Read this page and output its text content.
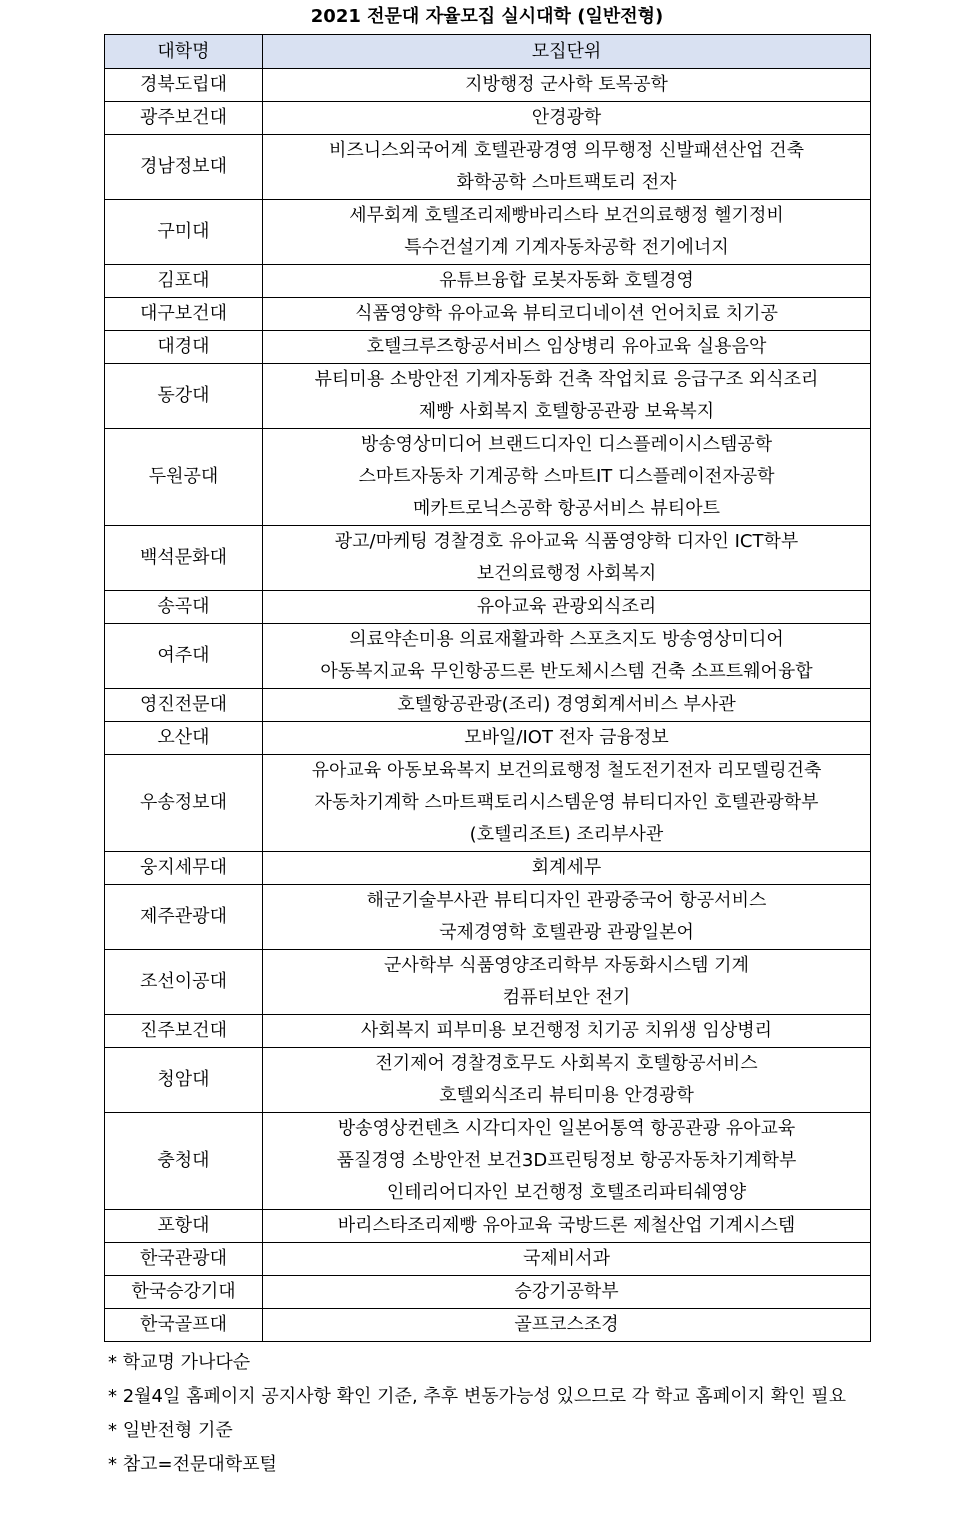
2021 전문대 자율모집 실시대학 (일반전형)
대학명	모집단위
경북도립대	지방행정 군사학 토목공학

광주보건대	안경광학

경남정보대	비즈니스외국어계 호텔관광경영 의무행정 신발패션산업 건축
화학공학 스마트팩토리 전자

구미대	세무회계 호텔조리제빵바리스타 보건의료행정 헬기정비
특수건설기계 기계자동차공학 전기에너지

김포대	유튜브융합 로봇자동화 호텔경영

대구보건대	식품영양학 유아교육 뷰티코디네이션 언어치료 치기공

대경대	호텔크루즈항공서비스 임상병리 유아교육 실용음악

동강대	뷰티미용 소방안전 기계자동화 건축 작업치료 응급구조 외식조리
제빵 사회복지 호텔항공관광 보육복지

두원공대	방송영상미디어 브랜드디자인 디스플레이시스템공학
스마트자동차 기계공학 스마트IT 디스플레이전자공학
메카트로닉스공학 항공서비스 뷰티아트

백석문화대	광고/마케팅 경찰경호 유아교육 식품영양학 디자인 ICT학부
보건의료행정 사회복지

송곡대	유아교육 관광외식조리

여주대	의료약손미용 의료재활과학 스포츠지도 방송영상미디어
아동복지교육 무인항공드론 반도체시스템 건축 소프트웨어융합

영진전문대	호텔항공관광(조리) 경영회계서비스 부사관

오산대	모바일/IOT 전자 금융정보

우송정보대	유아교육 아동보육복지 보건의료행정 철도전기전자 리모델링건축
자동차기계학 스마트팩토리시스템운영 뷰티디자인 호텔관광학부
(호텔리조트) 조리부사관

웅지세무대	회계세무

제주관광대	해군기술부사관 뷰티디자인 관광중국어 항공서비스
국제경영학 호텔관광 관광일본어

조선이공대	군사학부 식품영양조리학부 자동화시스템 기계
컴퓨터보안 전기

진주보건대	사회복지 피부미용 보건행정 치기공 치위생 임상병리

청암대	전기제어 경찰경호무도 사회복지 호텔항공서비스
호텔외식조리 뷰티미용 안경광학

충청대	방송영상컨텐츠 시각디자인 일본어통역 항공관광 유아교육
품질경영 소방안전 보건3D프린팅정보 항공자동차기계학부
인테리어디자인 보건행정 호텔조리파티쉐영양

포항대	바리스타조리제빵 유아교육 국방드론 제철산업 기계시스템

한국관광대	국제비서과

한국승강기대	승강기공학부

한국골프대	골프코스조경
* 학교명 가나다순
* 2월4일 홈페이지 공지사항 확인 기준, 추후 변동가능성 있으므로 각 학교 홈페이지 확인 필요
* 일반전형 기준
* 참고=전문대학포털
